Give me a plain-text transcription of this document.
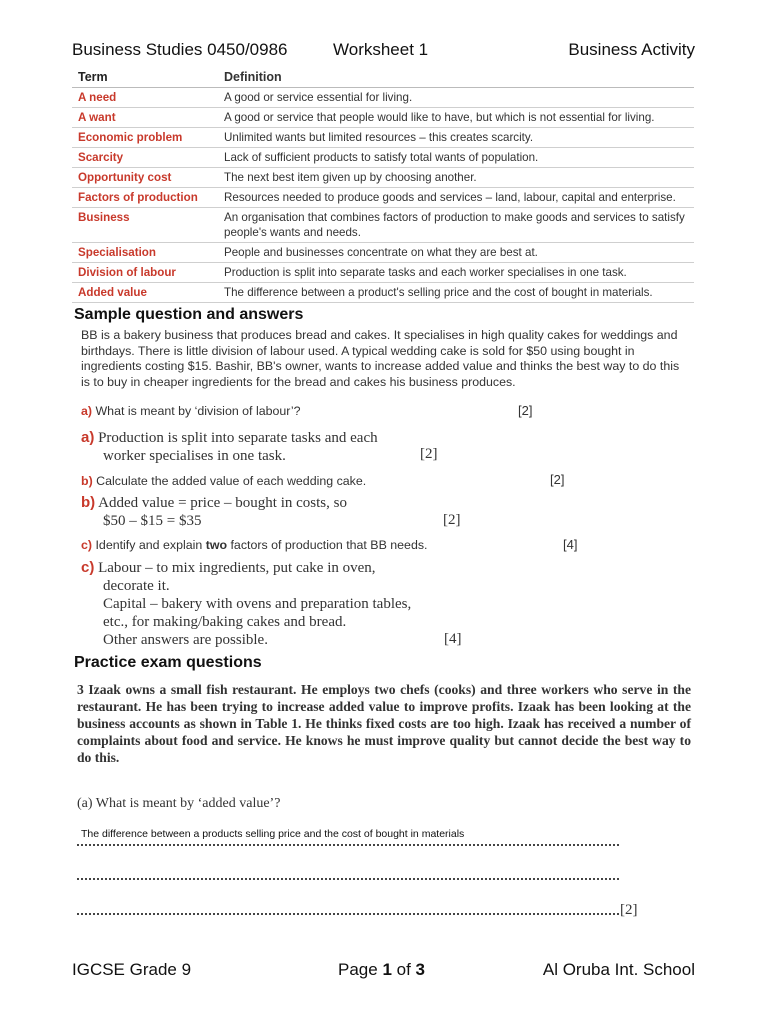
Business Studies 0450/0986	Worksheet 1	Business Activity
Term	Definition
A need	A good or service essential for living.
A want	A good or service that people would like to have, but which is not essential for living.
Economic problem	Unlimited wants but limited resources – this creates scarcity.
Scarcity	Lack of sufficient products to satisfy total wants of population.
Opportunity cost	The next best item given up by choosing another.
Factors of production	Resources needed to produce goods and services – land, labour, capital and enterprise.
Business	An organisation that combines factors of production to make goods and services to satisfy people's wants and needs.
Specialisation	People and businesses concentrate on what they are best at.
Division of labour	Production is split into separate tasks and each worker specialises in one task.
Added value	The difference between a product's selling price and the cost of bought in materials.
Sample question and answers
BB is a bakery business that produces bread and cakes. It specialises in high quality cakes for weddings and birthdays. There is little division of labour used. A typical wedding cake is sold for $50 using bought in ingredients costing $15. Bashir, BB's owner, wants to increase added value and thinks the best way to do this is to buy in cheaper ingredients for the bread and cakes his business produces.
a) What is meant by ‘division of labour’?	[2]
a) Production is split into separate tasks and each
worker specialises in one task.	[2]
b) Calculate the added value of each wedding cake.	[2]
b) Added value = price – bought in costs, so
$50 – $15 = $35	[2]
c) Identify and explain two factors of production that BB needs.	[4]
c) Labour – to mix ingredients, put cake in oven,
decorate it.
Capital – bakery with ovens and preparation tables,
etc., for making/baking cakes and bread.
Other answers are possible.	[4]
Practice exam questions
3 Izaak owns a small fish restaurant. He employs two chefs (cooks) and three workers who serve in the restaurant. He has been trying to increase added value to improve profits. Izaak has been looking at the business accounts as shown in Table 1. He thinks fixed costs are too high. Izaak has received a number of complaints about food and service. He knows he must improve quality but cannot decide the best way to do this.
(a) What is meant by ‘added value’?
The difference between a products selling price and the cost of bought in materials
[2]
IGCSE Grade 9	Page 1 of 3	Al Oruba Int. School
